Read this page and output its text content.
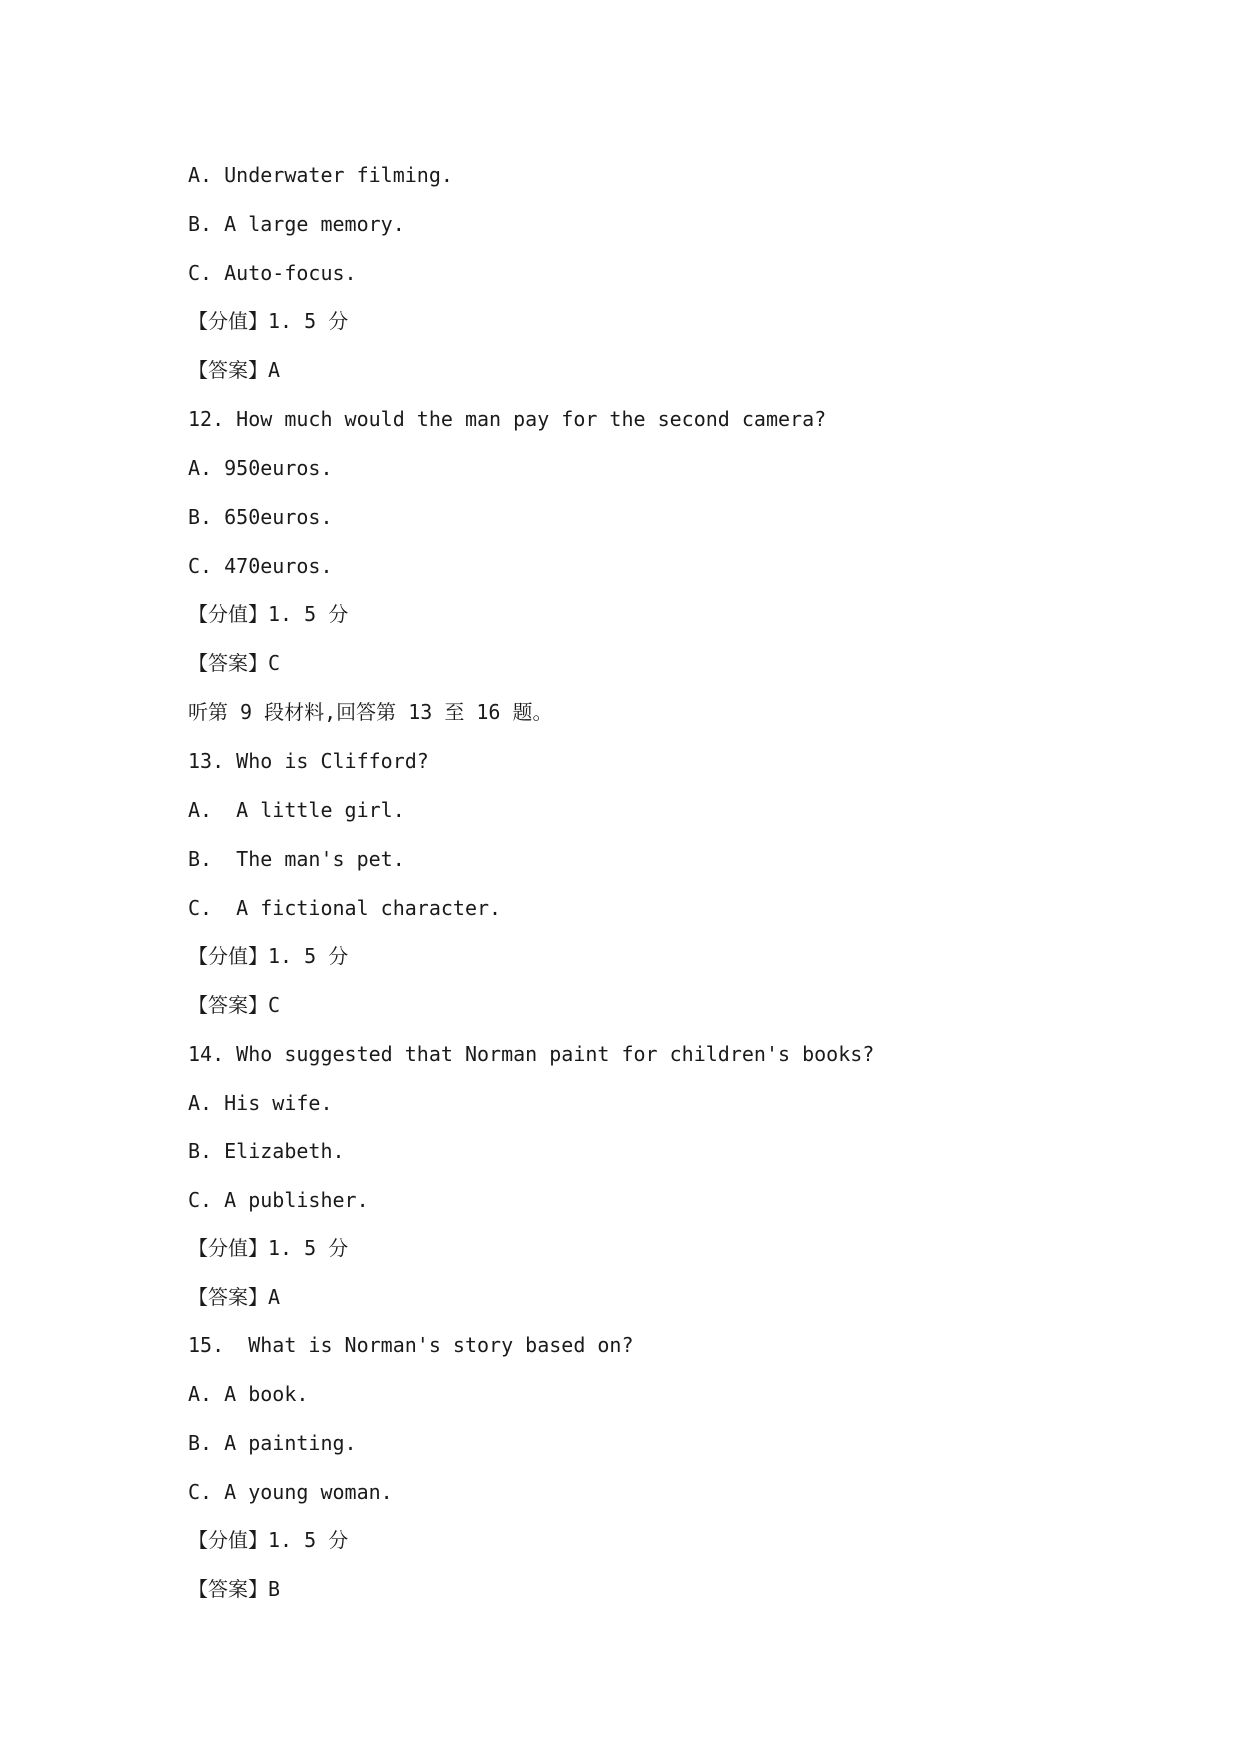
A. Underwater filming.
B. A large memory.
C. Auto-focus.
【分值】1. 5 分
【答案】A
12. How much would the man pay for the second camera?
A. 950euros.
B. 650euros.
C. 470euros.
【分值】1. 5 分
【答案】C
听第 9 段材料,回答第 13 至 16 题。
13. Who is Clifford?
A.  A little girl.
B.  The man's pet.
C.  A fictional character.
【分值】1. 5 分
【答案】C
14. Who suggested that Norman paint for children's books?
A. His wife.
B. Elizabeth.
C. A publisher.
【分值】1. 5 分
【答案】A
15.  What is Norman's story based on?
A. A book.
B. A painting.
C. A young woman.
【分值】1. 5 分
【答案】B
